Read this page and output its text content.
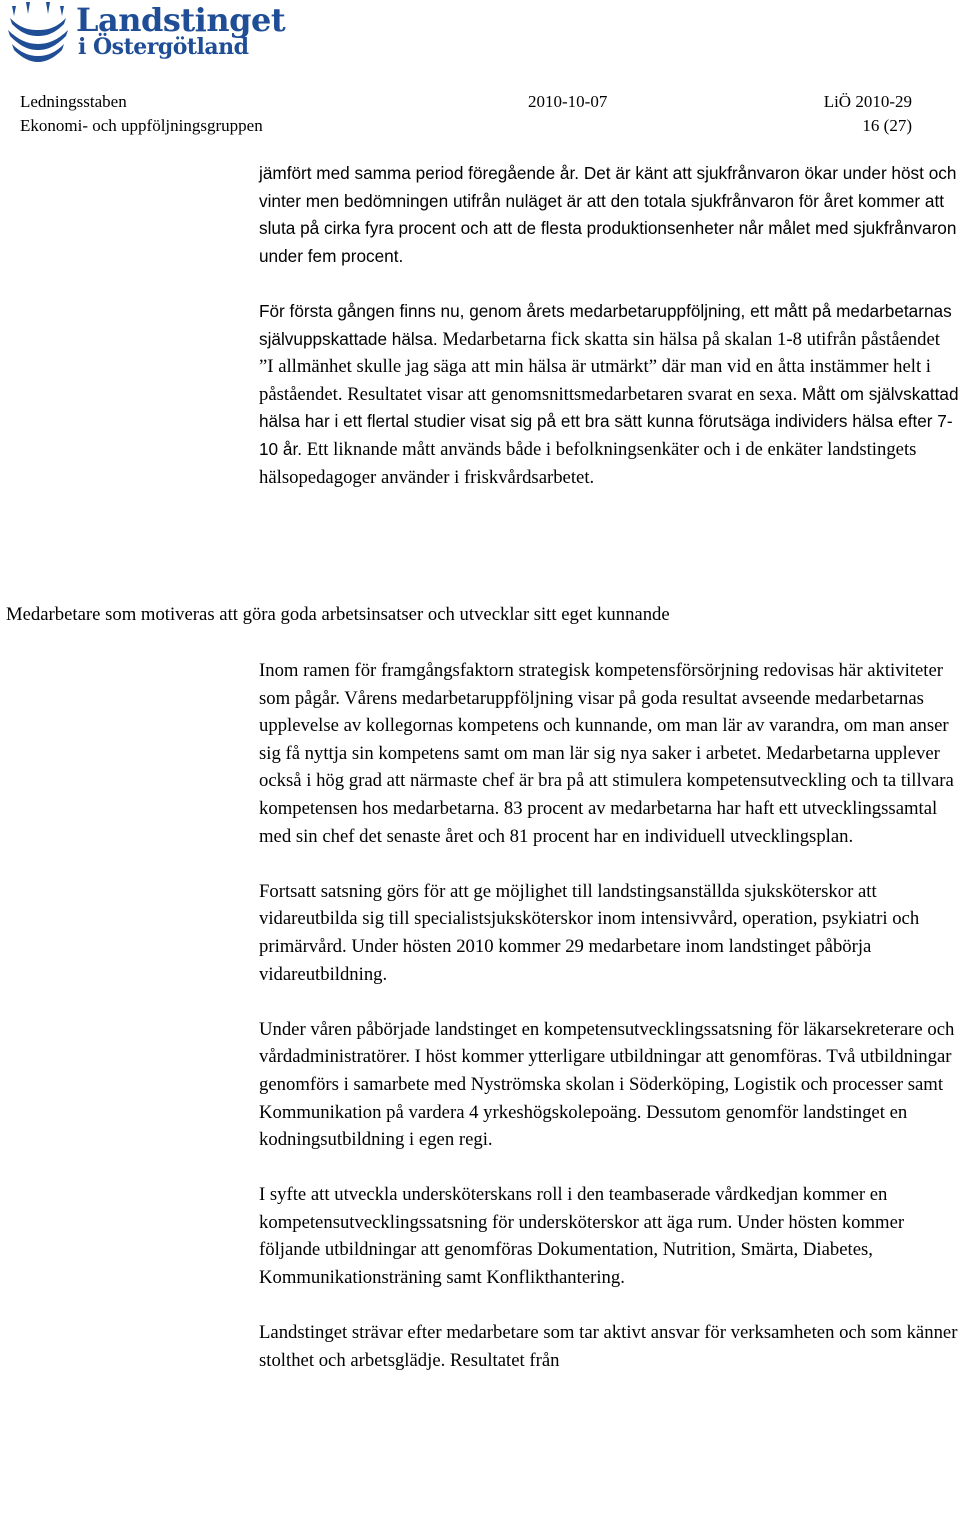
Landstinget
i Östergötland
Ledningsstaben	2010-10-07	LiÖ 2010-29
Ekonomi- och uppföljningsgruppen	16 (27)

jämfört med samma period föregående år. Det är känt att sjukfrånvaron ökar under höst och vinter men bedömningen utifrån nuläget är att den totala sjukfrånvaron för året kommer att sluta på cirka fyra procent och att de flesta produktionsenheter når målet med sjukfrånvaron under fem procent.

För första gången finns nu, genom årets medarbetaruppföljning, ett mått på medarbetarnas självuppskattade hälsa. Medarbetarna fick skatta sin hälsa på skalan 1-8 utifrån påståendet ”I allmänhet skulle jag säga att min hälsa är utmärkt” där man vid en åtta instämmer helt i påståendet. Resultatet visar att genomsnittsmedarbetaren svarat en sexa. Mått om självskattad hälsa har i ett flertal studier visat sig på ett bra sätt kunna förutsäga individers hälsa efter 7-10 år. Ett liknande mått används både i befolkningsenkäter och i de enkäter landstingets hälsopedagoger använder i friskvårdsarbetet.

Medarbetare som motiveras att göra goda arbetsinsatser och utvecklar sitt eget kunnande

Inom ramen för framgångsfaktorn strategisk kompetensförsörjning redovisas här aktiviteter som pågår. Vårens medarbetaruppföljning visar på goda resultat avseende medarbetarnas upplevelse av kollegornas kompetens och kunnande, om man lär av varandra, om man anser sig få nyttja sin kompetens samt om man lär sig nya saker i arbetet. Medarbetarna upplever också i hög grad att närmaste chef är bra på att stimulera kompetensutveckling och ta tillvara kompetensen hos medarbetarna. 83 procent av medarbetarna har haft ett utvecklingssamtal med sin chef det senaste året och 81 procent har en individuell utvecklingsplan.

Fortsatt satsning görs för att ge möjlighet till landstingsanställda sjuksköterskor att vidareutbilda sig till specialistsjuksköterskor inom intensivvård, operation, psykiatri och primärvård. Under hösten 2010 kommer 29 medarbetare inom landstinget påbörja vidareutbildning.

Under våren påbörjade landstinget en kompetensutvecklingssatsning för läkarsekreterare och vårdadministratörer. I höst kommer ytterligare utbildningar att genomföras. Två utbildningar genomförs i samarbete med Nyströmska skolan i Söderköping, Logistik och processer samt Kommunikation på vardera 4 yrkeshögskolepoäng. Dessutom genomför landstinget en kodningsutbildning i egen regi.

I syfte att utveckla undersköterskans roll i den teambaserade vårdkedjan kommer en kompetensutvecklingssatsning för undersköterskor att äga rum. Under hösten kommer följande utbildningar att genomföras Dokumentation, Nutrition, Smärta, Diabetes, Kommunikationsträning samt Konflikthantering.

Landstinget strävar efter medarbetare som tar aktivt ansvar för verksamheten och som känner stolthet och arbetsglädje. Resultatet från
